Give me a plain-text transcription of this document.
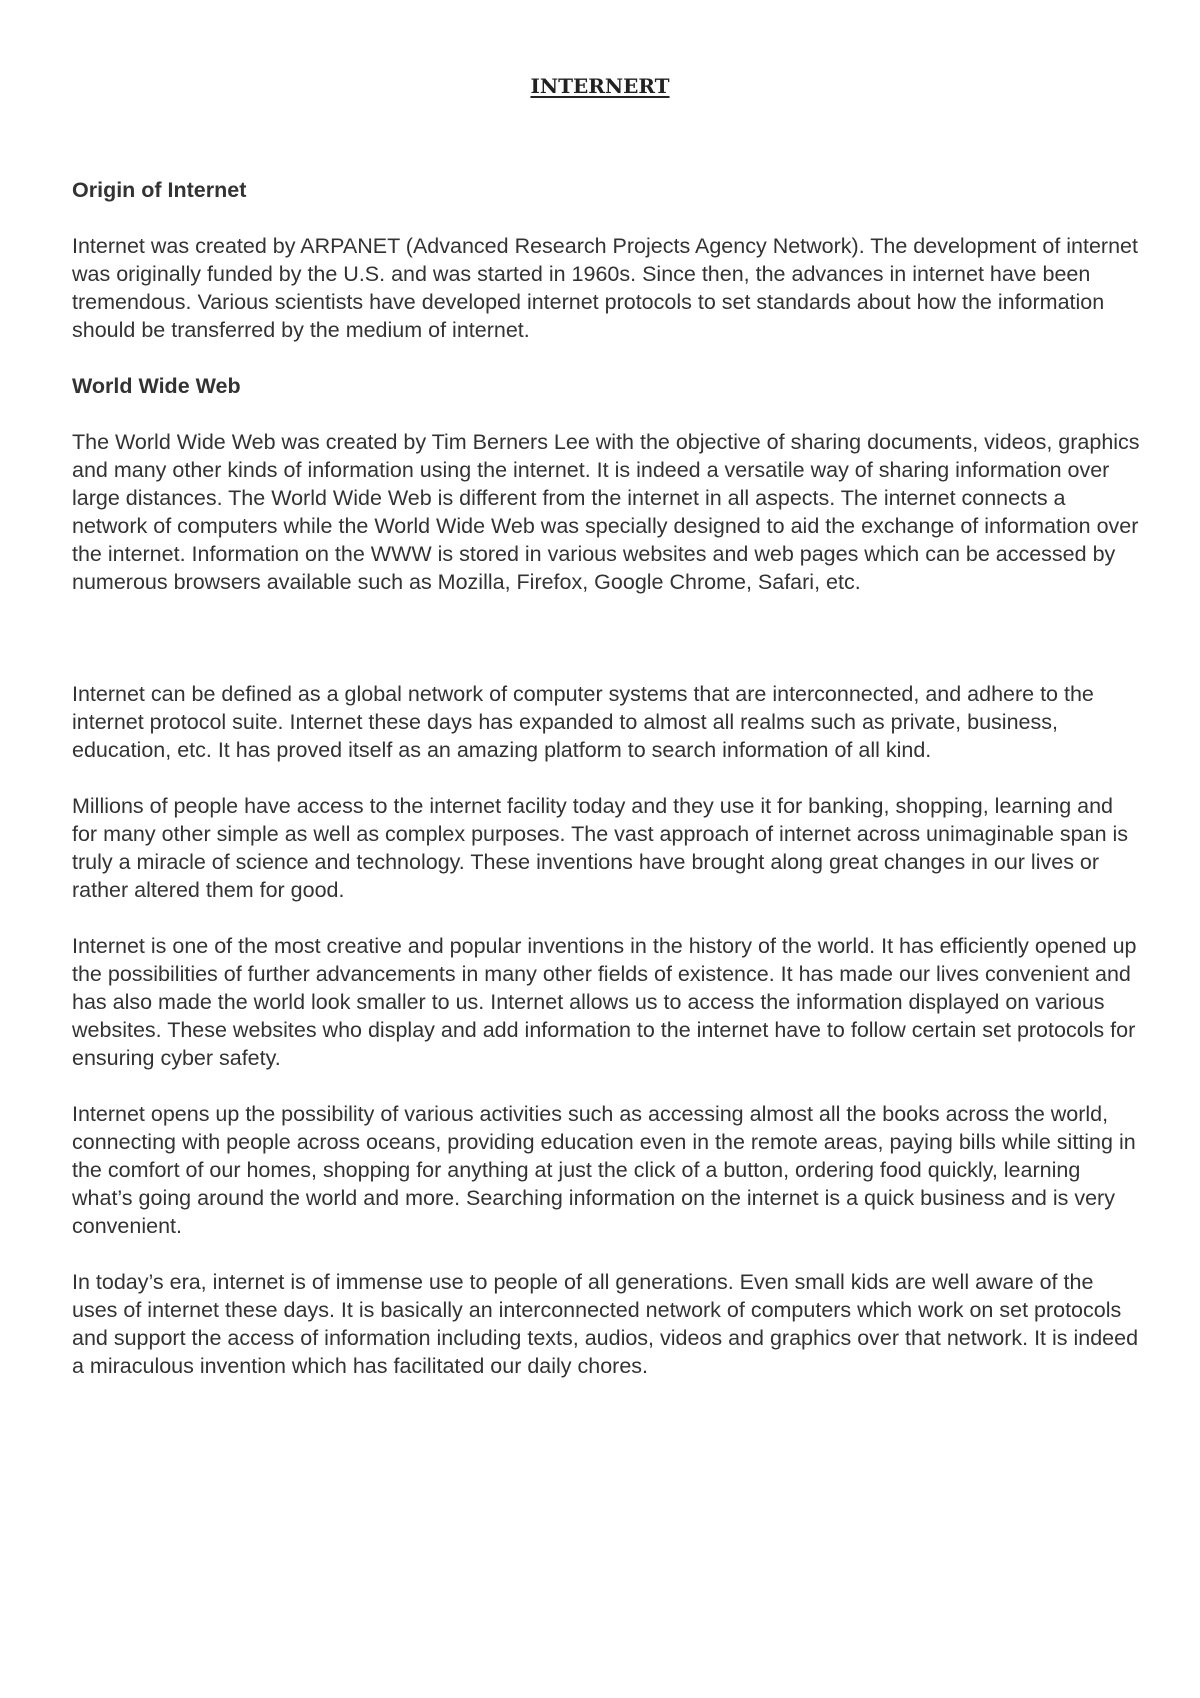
INTERNERT

Origin of Internet

Internet was created by ARPANET (Advanced Research Projects Agency Network). The development of internet was originally funded by the U.S. and was started in 1960s. Since then, the advances in internet have been tremendous. Various scientists have developed internet protocols to set standards about how the information should be transferred by the medium of internet.

World Wide Web

The World Wide Web was created by Tim Berners Lee with the objective of sharing documents, videos, graphics and many other kinds of information using the internet. It is indeed a versatile way of sharing information over large distances. The World Wide Web is different from the internet in all aspects. The internet connects a network of computers while the World Wide Web was specially designed to aid the exchange of information over the internet. Information on the WWW is stored in various websites and web pages which can be accessed by numerous browsers available such as Mozilla, Firefox, Google Chrome, Safari, etc.

Internet can be defined as a global network of computer systems that are interconnected, and adhere to the internet protocol suite. Internet these days has expanded to almost all realms such as private, business, education, etc. It has proved itself as an amazing platform to search information of all kind.

Millions of people have access to the internet facility today and they use it for banking, shopping, learning and for many other simple as well as complex purposes. The vast approach of internet across unimaginable span is truly a miracle of science and technology. These inventions have brought along great changes in our lives or rather altered them for good.

Internet is one of the most creative and popular inventions in the history of the world. It has efficiently opened up the possibilities of further advancements in many other fields of existence. It has made our lives convenient and has also made the world look smaller to us. Internet allows us to access the information displayed on various websites. These websites who display and add information to the internet have to follow certain set protocols for ensuring cyber safety.

Internet opens up the possibility of various activities such as accessing almost all the books across the world, connecting with people across oceans, providing education even in the remote areas, paying bills while sitting in the comfort of our homes, shopping for anything at just the click of a button, ordering food quickly, learning what’s going around the world and more. Searching information on the internet is a quick business and is very convenient.

In today’s era, internet is of immense use to people of all generations. Even small kids are well aware of the uses of internet these days. It is basically an interconnected network of computers which work on set protocols and support the access of information including texts, audios, videos and graphics over that network. It is indeed a miraculous invention which has facilitated our daily chores.
